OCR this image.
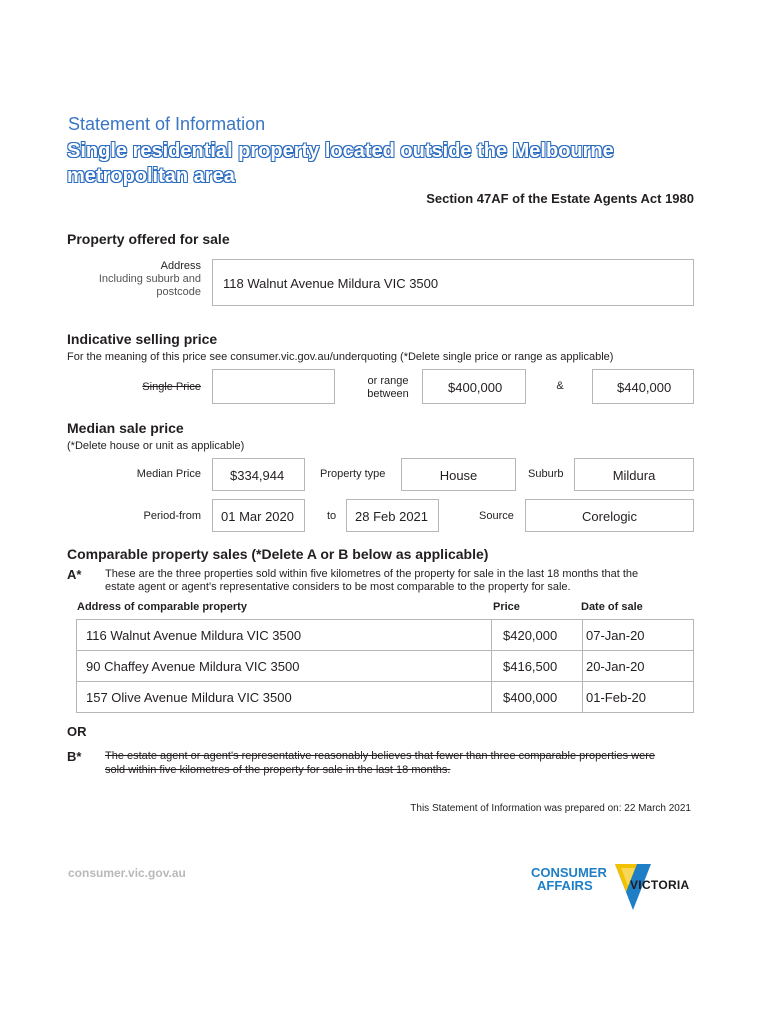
Statement of Information
Single residential property located outside the Melbourne metropolitan area
Section 47AF of the Estate Agents Act 1980
Property offered for sale
Address
Including suburb and
postcode
118 Walnut Avenue Mildura VIC 3500
Indicative selling price
For the meaning of this price see consumer.vic.gov.au/underquoting (*Delete single price or range as applicable)
Single Price	or range
between	$400,000	&	$440,000
Median sale price
(*Delete house or unit as applicable)
Median Price $334,944	Property type	House	Suburb	Mildura
Period-from 01 Mar 2020	to 28 Feb 2021	Source	Corelogic
Comparable property sales (*Delete A or B below as applicable)
A* These are the three properties sold within five kilometres of the property for sale in the last 18 months that the
estate agent or agent's representative considers to be most comparable to the property for sale.
Address of comparable property	Price	Date of sale
116 Walnut Avenue Mildura VIC 3500	$420,000 07-Jan-20
90 Chaffey Avenue Mildura VIC 3500	$416,500 20-Jan-20
157 Olive Avenue Mildura VIC 3500	$400,000 01-Feb-20
OR
B* The estate agent or agent's representative reasonably believes that fewer than three comparable properties were
sold within five kilometres of the property for sale in the last 18 months.
This Statement of Information was prepared on: 22 March 2021
consumer.vic.gov.au	CONSUMER
AFFAIRS	VICTORIA
